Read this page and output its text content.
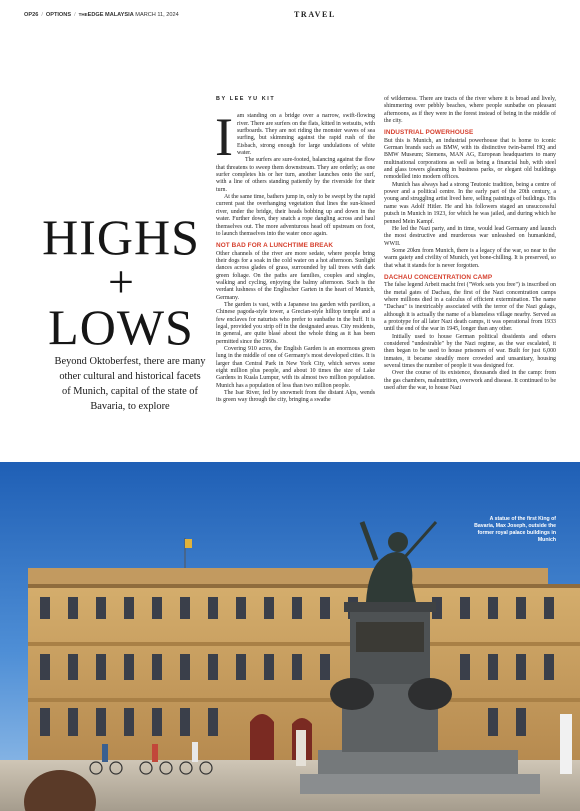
OP26 / OPTIONS / THEEDGE MALAYSIA MARCH 11, 2024	TRAVEL
HIGHS
+
LOWS
Beyond Oktoberfest, there are many other cultural and historical facets of Munich, capital of the state of Bavaria, to explore
BY LEE YU KIT

Iam standing on a bridge over a narrow, swift-flowing river. There are surfers on the flats, kitted in wetsuits, with surfboards. They are not riding the monster waves of sea surfing, but skimming against the rapid rush of the Eisbach, strong enough for large undulations of white water.

The surfers are sure-footed, balancing against the flow that threatens to sweep them downstream. They are orderly; as one surfer completes his or her turn, another launches onto the surf, with a line of others standing patiently by the riverside for their turn.

At the same time, bathers jump in, only to be swept by the rapid current past the overhanging vegetation that lines the sun-kissed river, under the bridge, their heads bobbing up and down in the water. Further down, they snatch a rope dangling across and haul themselves out. The more adventurous head off upstream on foot, to launch themselves into the water once again.

NOT BAD FOR A LUNCHTIME BREAK

Other channels of the river are more sedate, where people bring their dogs for a soak in the cold water on a hot afternoon. Sunlight dances across glades of grass, surrounded by tall trees with dark green foliage. On the paths are families, couples and singles, walking and cycling, enjoying the balmy afternoon. Such is the verdant lushness of the Englischer Garten in the heart of Munich, Germany.

The garden is vast, with a Japanese tea garden with pavilion, a Chinese pagoda-style tower, a Grecian-style hilltop temple and a few enclaves for naturists who prefer to sunbathe in the buff. It is legal, provided you strip off in the designated areas. City residents, in general, are quite blasé about the whole thing as it has been permitted since the 1960s.

Covering 910 acres, the English Garden is an enormous green lung in the middle of one of Germany's most developed cities. It is larger than Central Park in New York City, which serves some eight million plus people, and about 10 times the size of Lake Gardens in Kuala Lumpur, with its almost two million population. Munich has a population of less than two million people.

The Isar River, fed by snowmelt from the distant Alps, wends its green way through the city, bringing a swathe

of wilderness. There are tracts of the river where it is broad and lively, shimmering over pebbly beaches, where people sunbathe on pleasant afternoons, as if they were in the forest instead of being in the middle of the city.

INDUSTRIAL POWERHOUSE

But this is Munich, an industrial powerhouse that is home to iconic German brands such as BMW, with its distinctive twin-barrel HQ and BMW Museum; Siemens, MAN AG, European headquarters to many multinational corporations as well as being a financial hub, with steel and glass towers gleaming in business parks, or elegant old buildings remodelled into modern offices.

Munich has always had a strong Teutonic tradition, being a centre of power and a political centre. In the early part of the 20th century, a young and struggling artist lived here, selling paintings of buildings. His name was Adolf Hitler. He and his followers staged an unsuccessful putsch in Munich in 1923, for which he was jailed, and during which he penned Mein Kampf.

He led the Nazi party, and in time, would lead Germany and launch the most destructive and murderous war unleashed on humankind, WWII.

Some 20km from Munich, there is a legacy of the war, so near to the warm gaiety and civility of Munich, yet bone-chilling. It is preserved, so that what it stands for is never forgotten.

DACHAU CONCENTRATION CAMP

The false legend Arbeit macht frei ("Work sets you free") is inscribed on the metal gates of Dachau, the first of the Nazi concentration camps where millions died in a calculus of efficient extermination. The name "Dachau" is inextricably associated with the terror of the Nazi gulags, although it is actually the name of a blameless village nearby. Served as a prototype for all later Nazi death camps, it was operational from 1933 until the end of the war in 1945, longer than any other.

Initially used to house German political dissidents and others considered "undesirable" by the Nazi regime, as the war escalated, it then began to be used to house prisoners of war. Built for just 6,000 inmates, it became steadily more crowded and unsanitary, housing several times the number of people it was designed for.

Over the course of its existence, thousands died in the camp: from the gas chambers, malnutrition, overwork and disease. It continued to be used after the war, to house Nazi

A statue of the first King of Bavaria, Max Joseph, outside the former royal palace buildings in Munich
